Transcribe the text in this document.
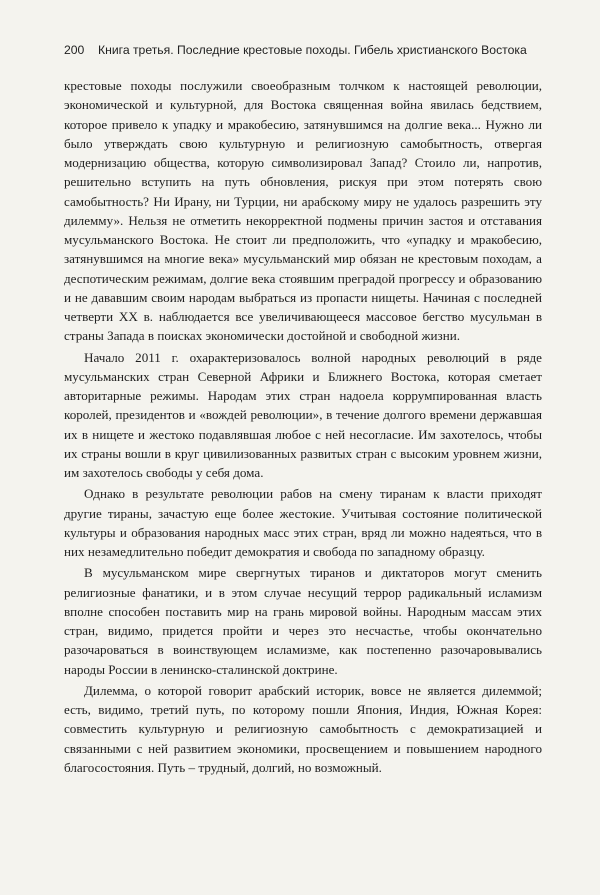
200 Книга третья. Последние крестовые походы. Гибель христианского Востока

крестовые походы послужили своеобразным толчком к настоящей революции, экономической и культурной, для Востока священная война явилась бедствием, которое привело к упадку и мракобесию, затянувшимся на долгие века... Нужно ли было утверждать свою культурную и религиозную самобытность, отвергая модернизацию общества, которую символизировал Запад? Стоило ли, напротив, решительно вступить на путь обновления, рискуя при этом потерять свою самобытность? Ни Ирану, ни Турции, ни арабскому миру не удалось разрешить эту дилемму». Нельзя не отметить некорректной подмены причин застоя и отставания мусульманского Востока. Не стоит ли предположить, что «упадку и мракобесию, затянувшимся на многие века» мусульманский мир обязан не крестовым походам, а деспотическим режимам, долгие века стоявшим преградой прогрессу и образованию и не дававшим своим народам выбраться из пропасти нищеты. Начиная с последней четверти XX в. наблюдается все увеличивающееся массовое бегство мусульман в страны Запада в поисках экономически достойной и свободной жизни.

Начало 2011 г. охарактеризовалось волной народных революций в ряде мусульманских стран Северной Африки и Ближнего Востока, которая сметает авторитарные режимы. Народам этих стран надоела коррумпированная власть королей, президентов и «вождей революции», в течение долгого времени державшая их в нищете и жестоко подавлявшая любое с ней несогласие. Им захотелось, чтобы их страны вошли в круг цивилизованных развитых стран с высоким уровнем жизни, им захотелось свободы у себя дома.

Однако в результате революции рабов на смену тиранам к власти приходят другие тираны, зачастую еще более жестокие. Учитывая состояние политической культуры и образования народных масс этих стран, вряд ли можно надеяться, что в них незамедлительно победит демократия и свобода по западному образцу.

В мусульманском мире свергнутых тиранов и диктаторов могут сменить религиозные фанатики, и в этом случае несущий террор радикальный исламизм вполне способен поставить мир на грань мировой войны. Народным массам этих стран, видимо, придется пройти и через это несчастье, чтобы окончательно разочароваться в воинствующем исламизме, как постепенно разочаровывались народы России в ленинско-сталинской доктрине.

Дилемма, о которой говорит арабский историк, вовсе не является дилеммой; есть, видимо, третий путь, по которому пошли Япония, Индия, Южная Корея: совместить культурную и религиозную самобытность с демократизацией и связанными с ней развитием экономики, просвещением и повышением народного благосостояния. Путь – трудный, долгий, но возможный.
